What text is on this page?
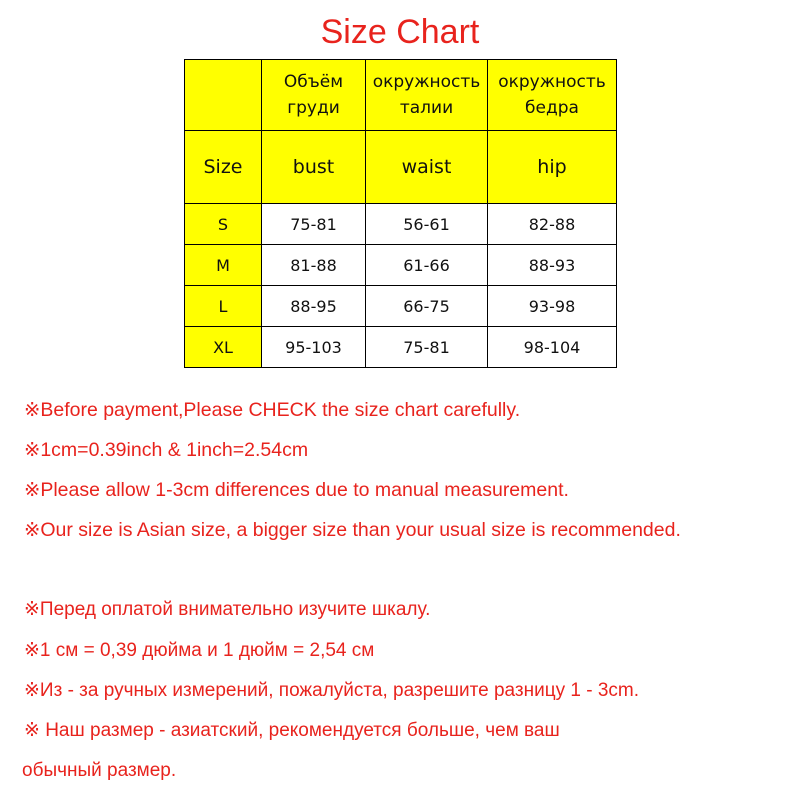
Size Chart
	Объём груди	окружность талии	окружность бедра
Size	bust	waist	hip
S	75-81	56-61	82-88
M	81-88	61-66	88-93
L	88-95	66-75	93-98
XL	95-103	75-81	98-104
※Before payment,Please CHECK the size chart carefully.
※1cm=0.39inch & 1inch=2.54cm
※Please allow 1-3cm differences due to manual measurement.
※Our size is Asian size, a bigger size than your usual size is recommended.
※Перед оплатой внимательно изучите шкалу.
※1 см = 0,39 дюйма и 1 дюйм = 2,54 см
※Из - за ручных измерений, пожалуйста, разрешите разницу 1 - 3cm.
※ Наш размер - азиатский, рекомендуется больше, чем ваш
обычный размер.
